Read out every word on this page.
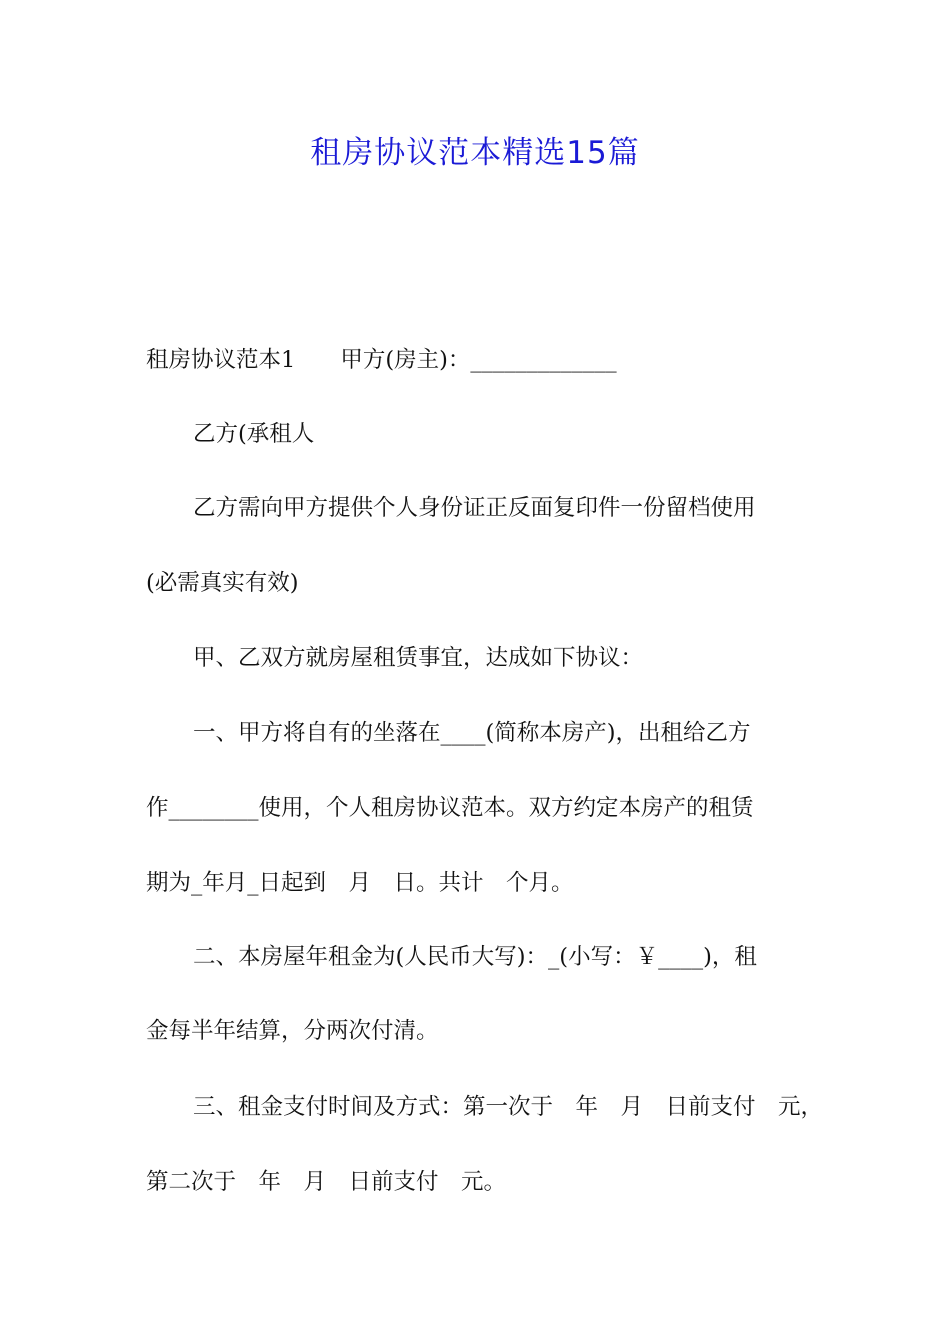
租房协议范本精选15篇
租房协议范本1　　甲方(房主)：_____________
乙方(承租人
乙方需向甲方提供个人身份证正反面复印件一份留档使用
(必需真实有效)
甲、乙双方就房屋租赁事宜，达成如下协议：
一、甲方将自有的坐落在____(简称本房产)，出租给乙方
作________使用，个人租房协议范本。双方约定本房产的租赁
期为_年月_日起到　月　日。共计　个月。
二、本房屋年租金为(人民币大写)：_(小写：￥____)，租
金每半年结算，分两次付清。
三、租金支付时间及方式：第一次于　年　月　日前支付　元，
第二次于　年　月　日前支付　元。
